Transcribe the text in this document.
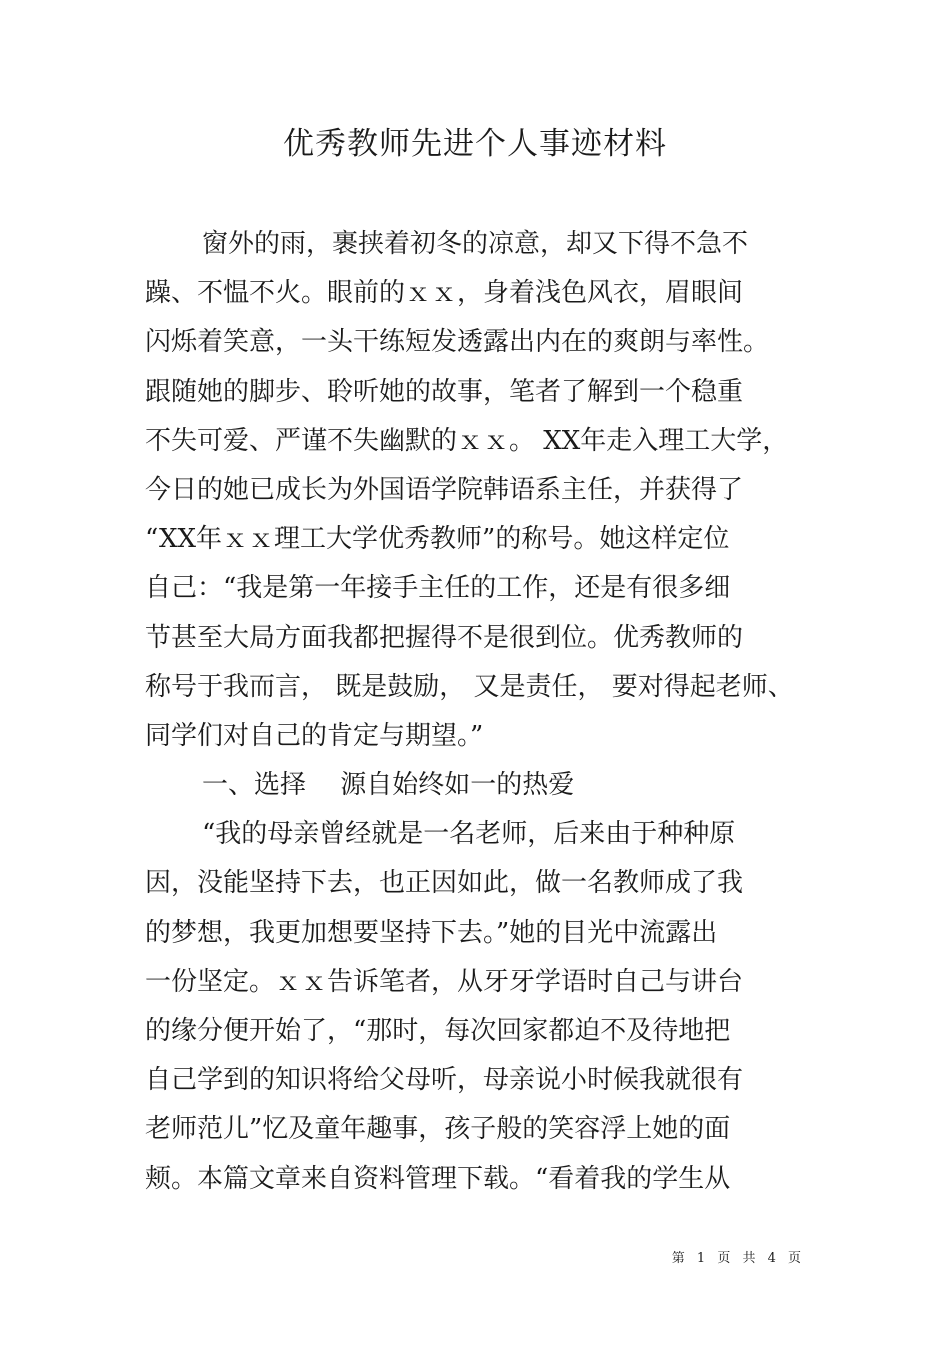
优秀教师先进个人事迹材料
窗外的雨，裹挟着初冬的凉意，却又下得不急不
躁、不愠不火。眼前的ｘｘ，身着浅色风衣，眉眼间
闪烁着笑意，一头干练短发透露出内在的爽朗与率性。
跟随她的脚步、聆听她的故事，笔者了解到一个稳重
不失可爱、严谨不失幽默的ｘｘ。 XX年走入理工大学，
今日的她已成长为外国语学院韩语系主任，并获得了
“XX年ｘｘ理工大学优秀教师”的称号。她这样定位
自己：“我是第一年接手主任的工作，还是有很多细
节甚至大局方面我都把握得不是很到位。优秀教师的
称号于我而言， 既是鼓励， 又是责任， 要对得起老师、
同学们对自己的肯定与期望。”
一、选择　 源自始终如一的热爱
“我的母亲曾经就是一名老师，后来由于种种原
因，没能坚持下去，也正因如此，做一名教师成了我
的梦想，我更加想要坚持下去。”她的目光中流露出
一份坚定。ｘｘ告诉笔者，从牙牙学语时自己与讲台
的缘分便开始了，“那时，每次回家都迫不及待地把
自己学到的知识将给父母听，母亲说小时候我就很有
老师范儿”忆及童年趣事，孩子般的笑容浮上她的面
颊。本篇文章来自资料管理下载。“看着我的学生从
第 1 页 共 4 页
